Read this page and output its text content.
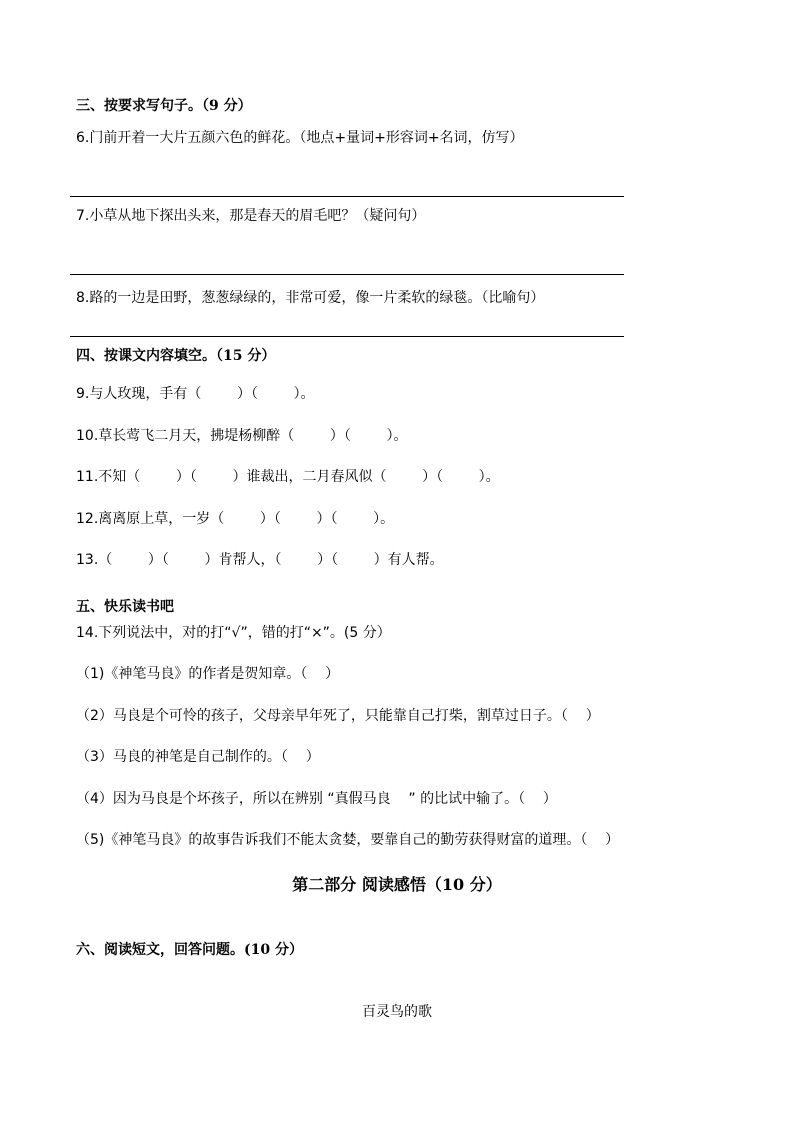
三、按要求写句子。（9 分）
6.门前开着一大片五颜六色的鲜花。（地点+量词+形容词+名词，仿写）
7.小草从地下探出头来，那是春天的眉毛吧？（疑问句）
8.路的一边是田野，葱葱绿绿的，非常可爱，像一片柔软的绿毯。（比喻句）
四、按课文内容填空。（15 分）
9.与人玫瑰，手有（        ）（        ）。
10.草长莺飞二月天，拂堤杨柳醉（        ）（        ）。
11.不知（        ）（        ）谁裁出，二月春风似（        ）（        ）。
12.离离原上草，一岁（        ）（        ）（        ）。
13.（        ）（        ）肯帮人，（        ）（        ）有人帮。
五、快乐读书吧
14.下列说法中，对的打“√”，错的打“×”。(5 分）
（1)《神笔马良》的作者是贺知章。（    ）
（2）马良是个可怜的孩子，父母亲早年死了，只能靠自己打柴，割草过日子。（    ）
（3）马良的神笔是自己制作的。（    ）
（4）因为马良是个坏孩子，所以在辨别 “真假马良    ” 的比试中输了。（    ）
（5)《神笔马良》的故事告诉我们不能太贪婪，要靠自己的勤劳获得财富的道理。（    ）
第二部分 阅读感悟（10 分）
六、阅读短文，回答问题。(10 分）
百灵鸟的歌
